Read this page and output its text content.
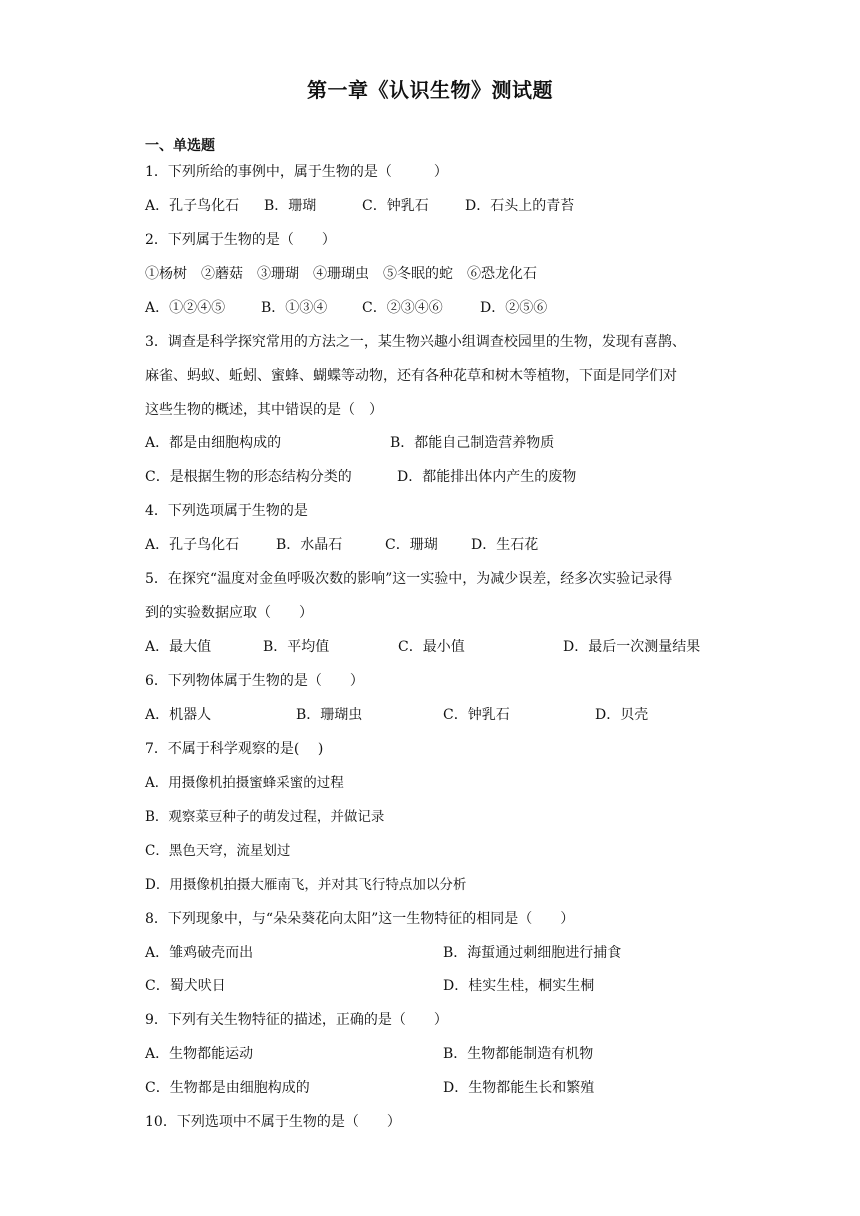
第一章《认识生物》测试题
一、单选题
1．下列所给的事例中，属于生物的是（　　　）
A．孔子鸟化石 B．珊瑚	C．钟乳石	D．石头上的青苔
2．下列属于生物的是（　　）
①杨树　②蘑菇　③珊瑚　④珊瑚虫　⑤冬眠的蛇　⑥恐龙化石
A．①②④⑤	B．①③④ C．②③④⑥	D．②⑤⑥
3．调查是科学探究常用的方法之一，某生物兴趣小组调查校园里的生物，发现有喜鹊、
麻雀、蚂蚁、蚯蚓、蜜蜂、蝴蝶等动物，还有各种花草和树木等植物，下面是同学们对
这些生物的概述，其中错误的是（　）
A．都是由细胞构成的	B．都能自己制造营养物质
C．是根据生物的形态结构分类的	D．都能排出体内产生的废物
4．下列选项属于生物的是
A．孔子鸟化石	B．水晶石	C．珊瑚 D．生石花
5．在探究“温度对金鱼呼吸次数的影响”这一实验中，为减少误差，经多次实验记录得
到的实验数据应取（　　）
A．最大值	B．平均值	C．最小值	D．最后一次测量结果
6．下列物体属于生物的是（　　）
A．机器人	B．珊瑚虫	C．钟乳石	D．贝壳
7．不属于科学观察的是(　 )
A．用摄像机拍摄蜜蜂采蜜的过程
B．观察菜豆种子的萌发过程，并做记录
C．黑色天穹，流星划过
D．用摄像机拍摄大雁南飞，并对其飞行特点加以分析
8．下列现象中，与“朵朵葵花向太阳”这一生物特征的相同是（　　）
A．雏鸡破壳而出	B．海蜇通过刺细胞进行捕食
C．蜀犬吠日	D．桂实生桂，桐实生桐
9．下列有关生物特征的描述，正确的是（　　）
A．生物都能运动	B．生物都能制造有机物
C．生物都是由细胞构成的	D．生物都能生长和繁殖
10．下列选项中不属于生物的是（　　）
